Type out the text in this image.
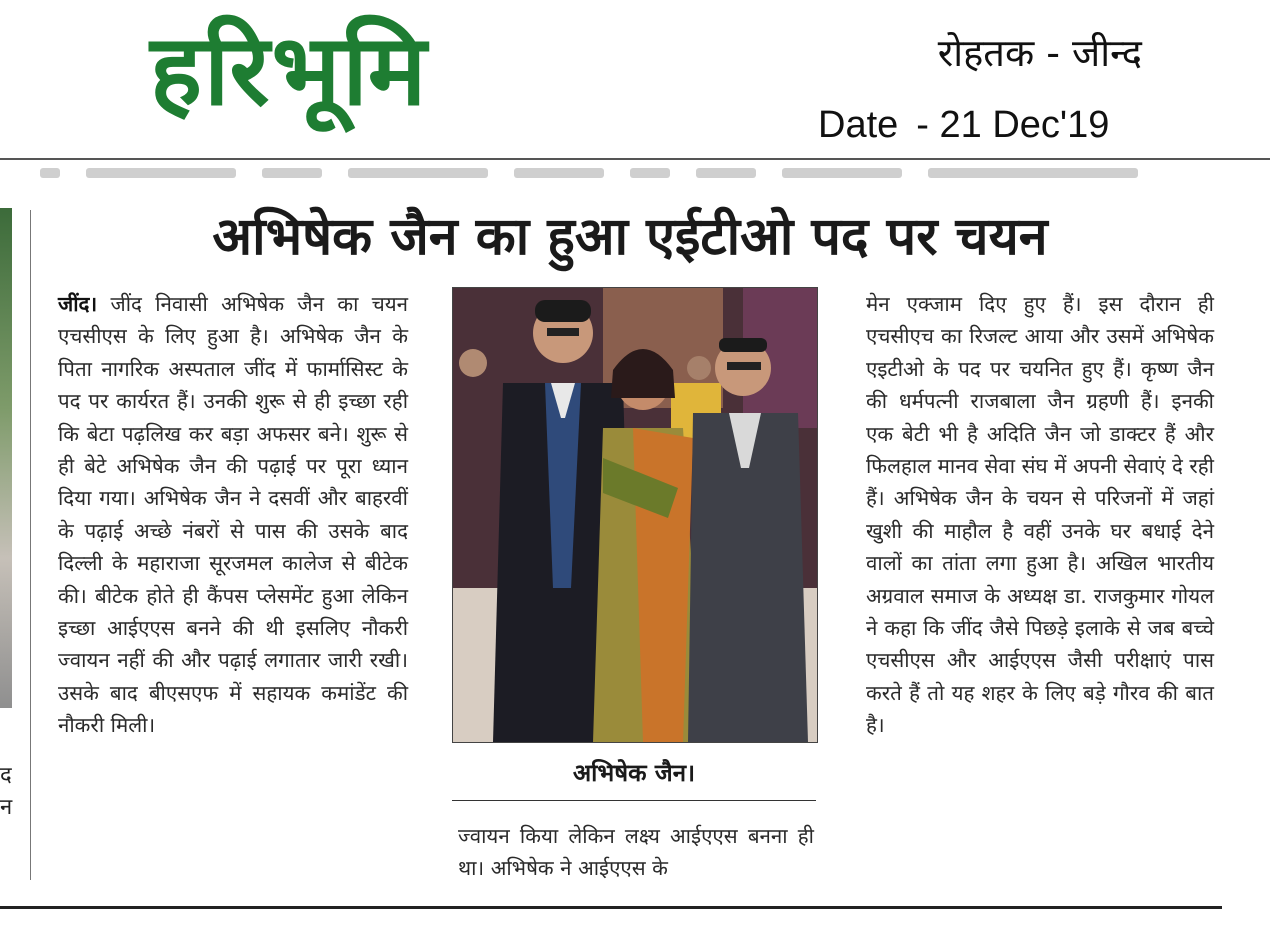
हरिभूमि	रोहतक - जीन्द
Date - 21 Dec'19
द
न
अभिषेक जैन का हुआ एईटीओ पद पर चयन

जींद। जींद निवासी अभिषेक जैन का चयन एचसीएस के लिए हुआ है। अभिषेक जैन के पिता नागरिक अस्पताल जींद में फार्मासिस्ट के पद पर कार्यरत हैं। उनकी शुरू से ही इच्छा रही कि बेटा पढ़लिख कर बड़ा अफसर बने। शुरू से ही बेटे अभिषेक जैन की पढ़ाई पर पूरा ध्यान दिया गया। अभिषेक जैन ने दसवीं और बाहरवीं के पढ़ाई अच्छे नंबरों से पास की उसके बाद दिल्ली के महाराजा सूरजमल कालेज से बीटेक की। बीटेक होते ही कैंपस प्लेसमेंट हुआ लेकिन इच्छा आईएएस बनने की थी इसलिए नौकरी ज्वायन नहीं की और पढ़ाई लगातार जारी रखी। उसके बाद बीएसएफ में सहायक कमांडेंट की नौकरी मिली।

अभिषेक जैन।

ज्वायन किया लेकिन लक्ष्य आईएएस बनना ही था। अभिषेक ने आईएएस के

मेन एक्जाम दिए हुए हैं। इस दौरान ही एचसीएच का रिजल्ट आया और उसमें अभिषेक एइटीओ के पद पर चयनित हुए हैं। कृष्ण जैन की धर्मपत्नी राजबाला जैन ग्रहणी हैं। इनकी एक बेटी भी है अदिति जैन जो डाक्टर हैं और फिलहाल मानव सेवा संघ में अपनी सेवाएं दे रही हैं। अभिषेक जैन के चयन से परिजनों में जहां खुशी की माहौल है वहीं उनके घर बधाई देने वालों का तांता लगा हुआ है। अखिल भारतीय अग्रवाल समाज के अध्यक्ष डा. राजकुमार गोयल ने कहा कि जींद जैसे पिछड़े इलाके से जब बच्चे एचसीएस और आईएएस जैसी परीक्षाएं पास करते हैं तो यह शहर के लिए बड़े गौरव की बात है।
